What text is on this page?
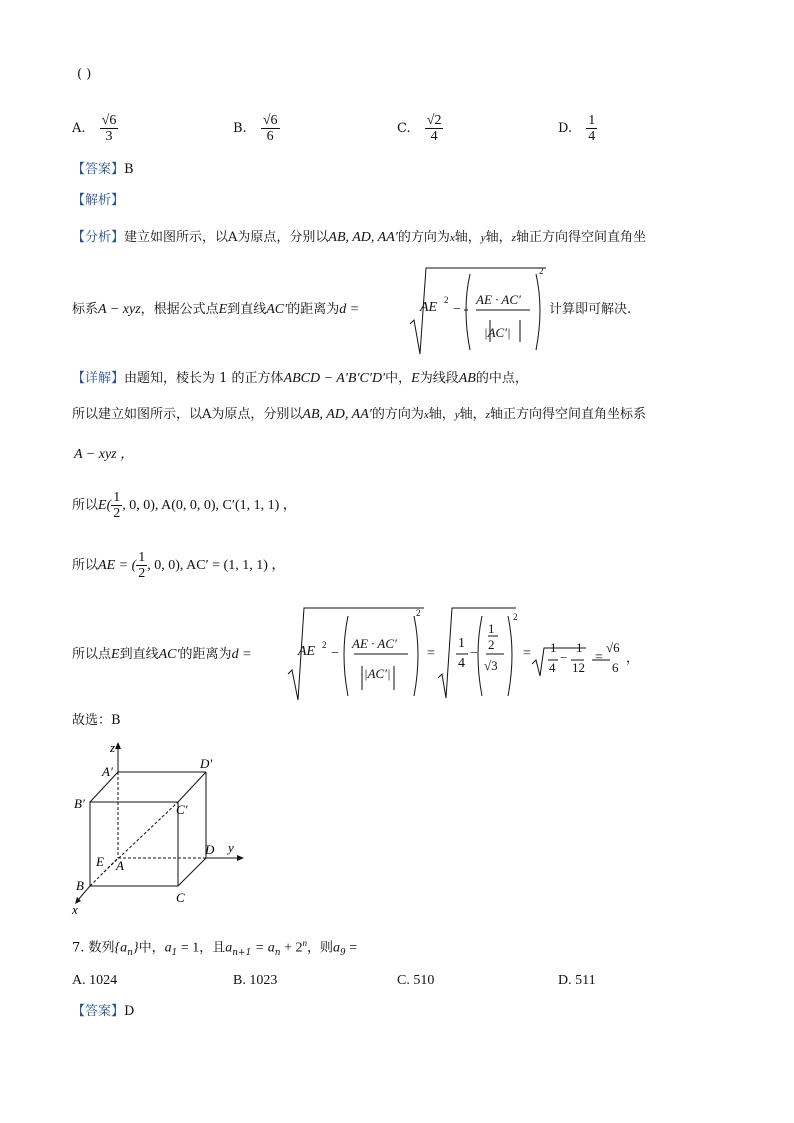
( )
A. $\frac{√6}{3}$	B. $\frac{√6}{6}$	C. $\frac{√2}{4}$	D. $\frac{1}{4}$
【答案】B
【解析】
【分析】建立如图所示，以A为原点，分别以AB, AD, AA′的方向为x轴，y轴，z轴正方向得空间直角坐
标系A − xyz，根据公式点E到直线AC′的距离为d =	AE 2
−
AE · AC′
|AC′|
2
计算即可解决.
【详解】由题知，棱长为 1 的正方体ABCD − A′B′C′D′中，E为线段AB的中点，
所以建立如图所示，以A为原点，分别以AB, AD, AA′的方向为x轴，y轴，z轴正方向得空间直角坐标系
A − xyz ，
所以$E( \frac{1}{2}$ , 0, 0), A(0, 0, 0), C′(1, 1, 1) ，
所以AE = ( $\frac{1}{2}$ , 0, 0), AC′ = (1, 1, 1) ，
所以点E到直线AC′的距离为d =	AE 2
−
AE · AC′
|AC′|
2
=
1
4
−
1
2
√3
2
= 1
4
−
1
12
=
√6
6
，
故选：B
z
A′
D′
B′	C′
E A
D y
B
C
x
7. 数列$\{a_n\}$中，$a_1 = 1$，且$a_{n+1} = a_n + 2^n$，则$a_9$ =
A. 1024	B. 1023	C. 510	D. 511
【答案】D
